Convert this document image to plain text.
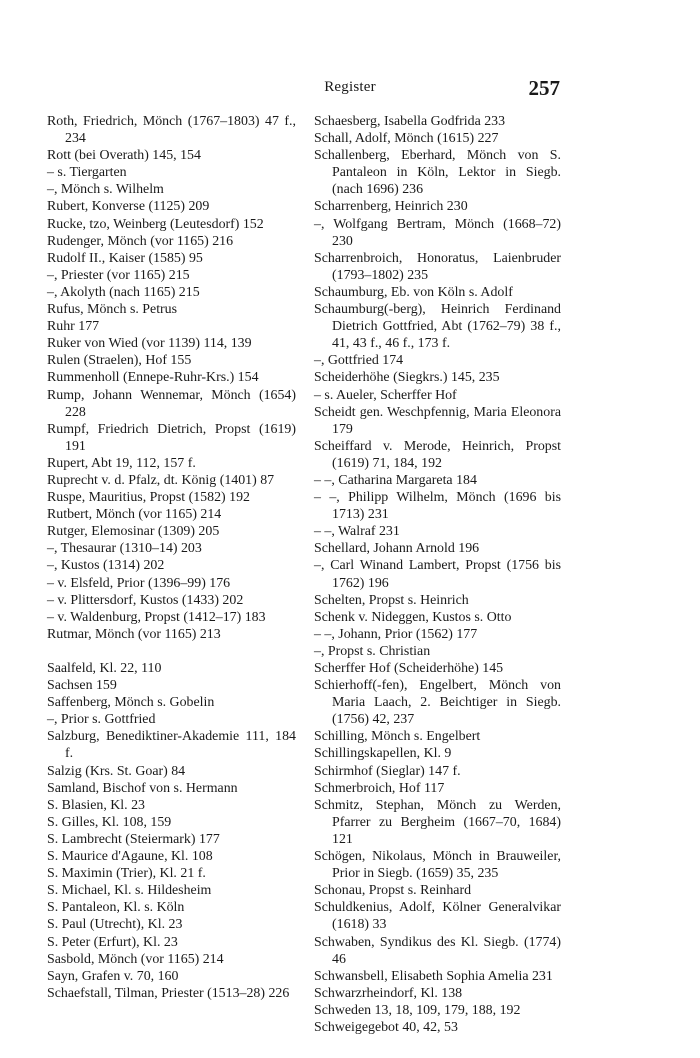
Register	257
Roth, Friedrich, Mönch (1767–1803) 47 f., 234
Rott (bei Overath) 145, 154
– s. Tiergarten
–, Mönch s. Wilhelm
Rubert, Konverse (1125) 209
Rucke, tzo, Weinberg (Leutesdorf) 152
Rudenger, Mönch (vor 1165) 216
Rudolf II., Kaiser (1585) 95
–, Priester (vor 1165) 215
–, Akolyth (nach 1165) 215
Rufus, Mönch s. Petrus
Ruhr 177
Ruker von Wied (vor 1139) 114, 139
Rulen (Straelen), Hof 155
Rummenholl (Ennepe-Ruhr-Krs.) 154
Rump, Johann Wennemar, Mönch (1654) 228
Rumpf, Friedrich Dietrich, Propst (1619) 191
Rupert, Abt 19, 112, 157 f.
Ruprecht v. d. Pfalz, dt. König (1401) 87
Ruspe, Mauritius, Propst (1582) 192
Rutbert, Mönch (vor 1165) 214
Rutger, Elemosinar (1309) 205
–, Thesaurar (1310–14) 203
–, Kustos (1314) 202
– v. Elsfeld, Prior (1396–99) 176
– v. Plittersdorf, Kustos (1433) 202
– v. Waldenburg, Propst (1412–17) 183
Rutmar, Mönch (vor 1165) 213
Saalfeld, Kl. 22, 110
Sachsen 159
Saffenberg, Mönch s. Gobelin
–, Prior s. Gottfried
Salzburg, Benediktiner-Akademie 111, 184 f.
Salzig (Krs. St. Goar) 84
Samland, Bischof von s. Hermann
S. Blasien, Kl. 23
S. Gilles, Kl. 108, 159
S. Lambrecht (Steiermark) 177
S. Maurice d'Agaune, Kl. 108
S. Maximin (Trier), Kl. 21 f.
S. Michael, Kl. s. Hildesheim
S. Pantaleon, Kl. s. Köln
S. Paul (Utrecht), Kl. 23
S. Peter (Erfurt), Kl. 23
Sasbold, Mönch (vor 1165) 214
Sayn, Grafen v. 70, 160
Schaefstall, Tilman, Priester (1513–28) 226
Schaesberg, Isabella Godfrida 233
Schall, Adolf, Mönch (1615) 227
Schallenberg, Eberhard, Mönch von S. Pantaleon in Köln, Lektor in Siegb. (nach 1696) 236
Scharrenberg, Heinrich 230
–, Wolfgang Bertram, Mönch (1668–72) 230
Scharrenbroich, Honoratus, Laienbruder (1793–1802) 235
Schaumburg, Eb. von Köln s. Adolf
Schaumburg(-berg), Heinrich Ferdinand Dietrich Gottfried, Abt (1762–79) 38 f., 41, 43 f., 46 f., 173 f.
–, Gottfried 174
Scheiderhöhe (Siegkrs.) 145, 235
– s. Aueler, Scherffer Hof
Scheidt gen. Weschpfennig, Maria Eleonora 179
Scheiffard v. Merode, Heinrich, Propst (1619) 71, 184, 192
– –, Catharina Margareta 184
– –, Philipp Wilhelm, Mönch (1696 bis 1713) 231
– –, Walraf 231
Schellard, Johann Arnold 196
–, Carl Winand Lambert, Propst (1756 bis 1762) 196
Schelten, Propst s. Heinrich
Schenk v. Nideggen, Kustos s. Otto
– –, Johann, Prior (1562) 177
–, Propst s. Christian
Scherffer Hof (Scheiderhöhe) 145
Schierhoff(-fen), Engelbert, Mönch von Maria Laach, 2. Beichtiger in Siegb. (1756) 42, 237
Schilling, Mönch s. Engelbert
Schillingskapellen, Kl. 9
Schirmhof (Sieglar) 147 f.
Schmerbroich, Hof 117
Schmitz, Stephan, Mönch zu Werden, Pfarrer zu Bergheim (1667–70, 1684) 121
Schögen, Nikolaus, Mönch in Brauweiler, Prior in Siegb. (1659) 35, 235
Schonau, Propst s. Reinhard
Schuldkenius, Adolf, Kölner Generalvikar (1618) 33
Schwaben, Syndikus des Kl. Siegb. (1774) 46
Schwansbell, Elisabeth Sophia Amelia 231
Schwarzrheindorf, Kl. 138
Schweden 13, 18, 109, 179, 188, 192
Schweigegebot 40, 42, 53
